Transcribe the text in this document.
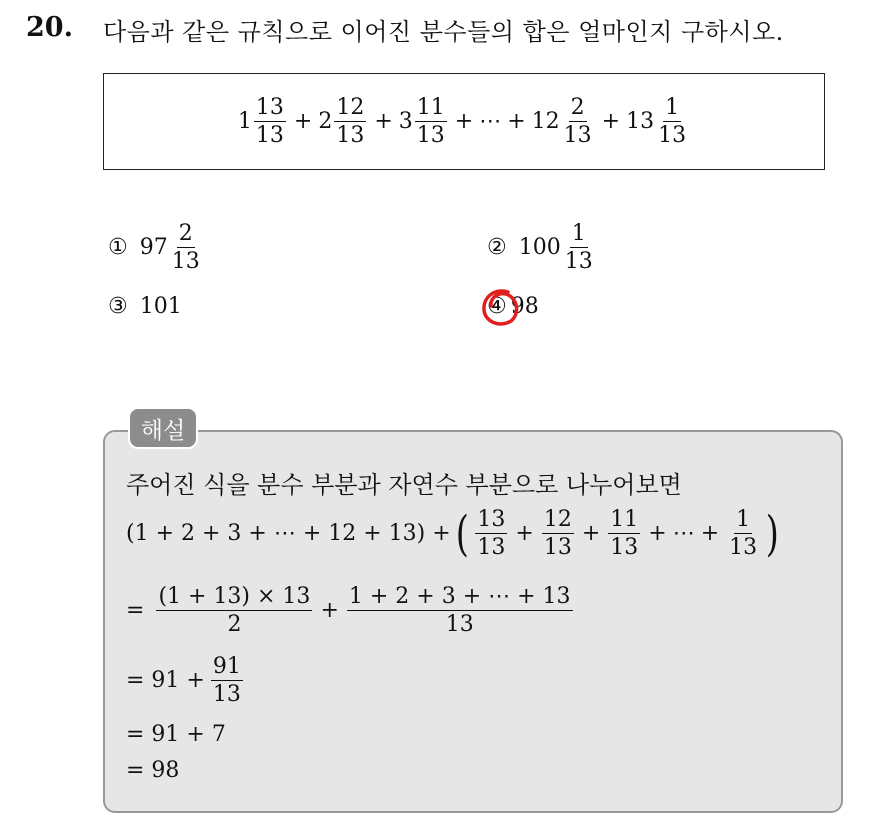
20. 다음과 같은 규칙으로 이어진 분수들의 합은 얼마인지 구하시오.
$1 \frac{13}{13} + 2 \frac{12}{13} + 3 \frac{11}{13}$ + ⋯ + $12 \frac{2}{13} + 13 \frac{1}{13}$
① $97 \frac{2}{13}$	② $100 \frac{1}{13}$
③ 101	④ 98
해설
주어진 식을 분수 부분과 자연수 부분으로 나누어보면
(1 + 2 + 3 + ⋯ + 12 + 13) + ( $\frac{13}{13} + \frac{12}{13} + \frac{11}{13}$ + ⋯ + $\frac{1}{13}$ )
= $\frac{(1 + 13) \times 13}{2} + \frac{1 + 2 + 3 + \cdots + 13}{13}$
= $91 + \frac{91}{13}$
= 91 + 7
= 98
